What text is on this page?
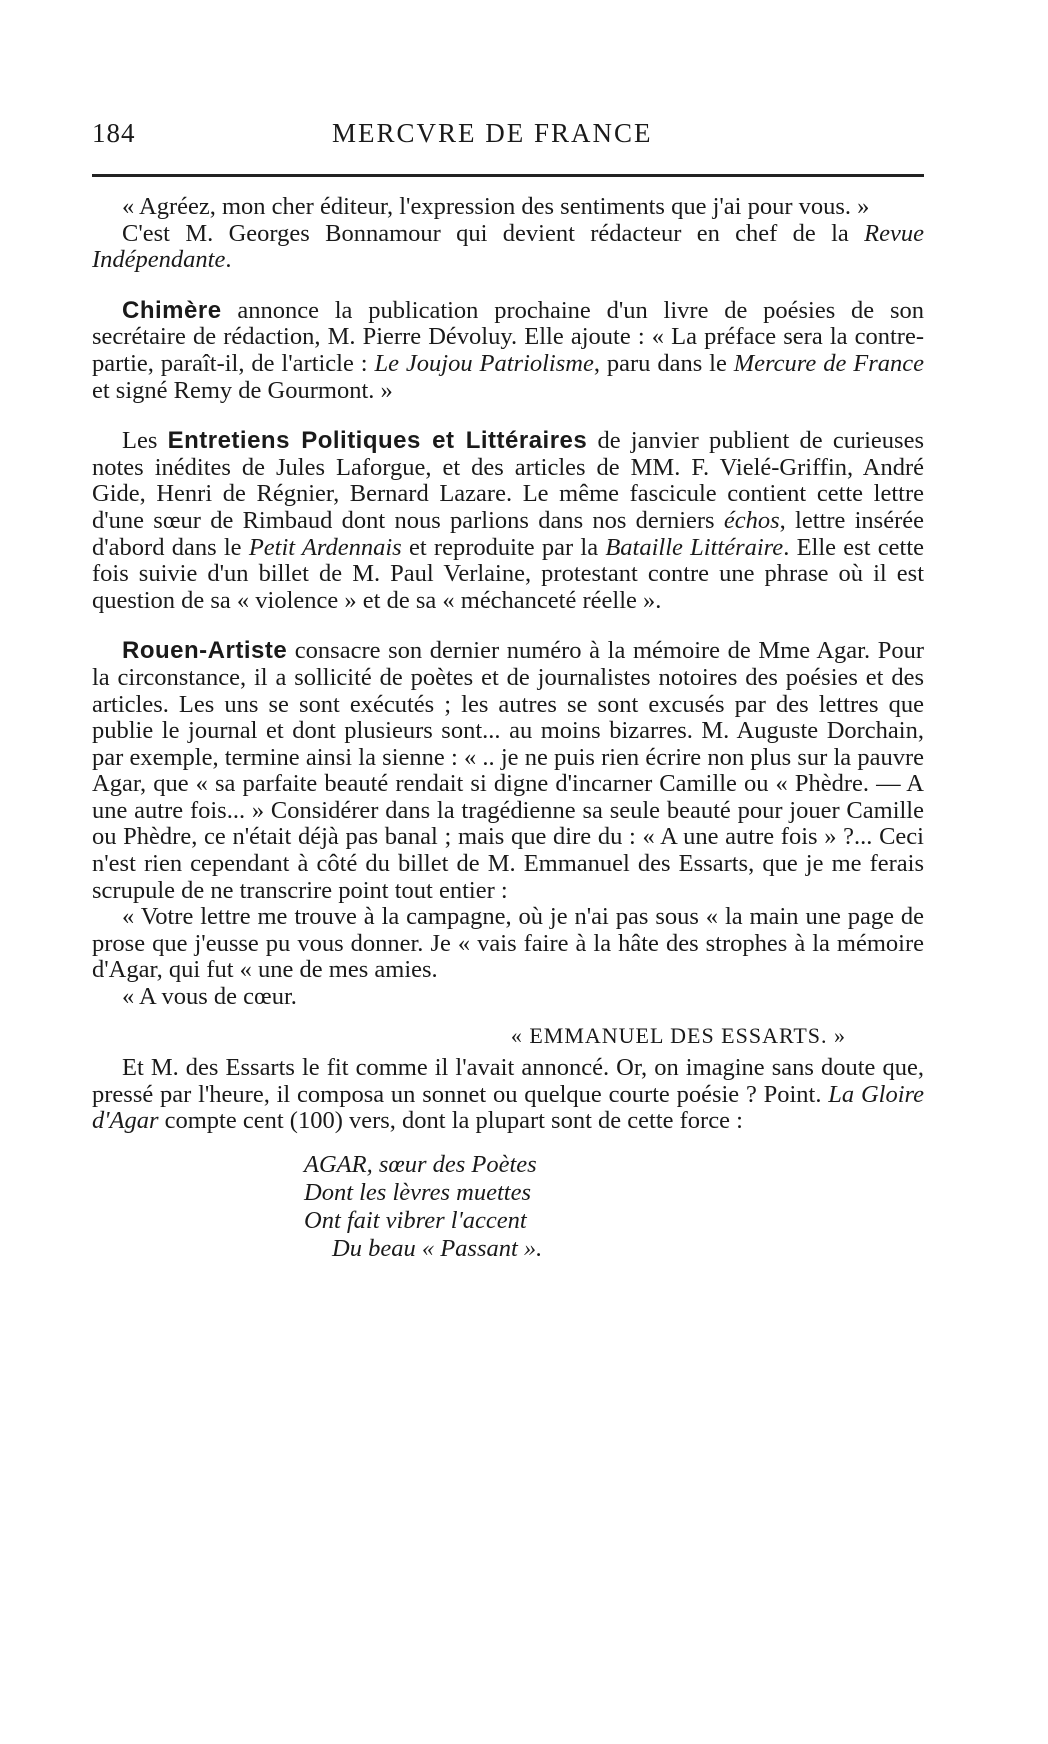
184	MERCVRE DE FRANCE

« Agréez, mon cher éditeur, l'expression des sentiments que j'ai pour vous. »

C'est M. Georges Bonnamour qui devient rédacteur en chef de la Revue Indépendante.

Chimère annonce la publication prochaine d'un livre de poésies de son secrétaire de rédaction, M. Pierre Dévoluy. Elle ajoute : « La préface sera la contre-partie, paraît-il, de l'article : Le Joujou Patriolisme, paru dans le Mercure de France et signé Remy de Gourmont. »

Les Entretiens Politiques et Littéraires de janvier publient de curieuses notes inédites de Jules Laforgue, et des articles de MM. F. Vielé-Griffin, André Gide, Henri de Régnier, Bernard Lazare. Le même fascicule contient cette lettre d'une sœur de Rimbaud dont nous parlions dans nos derniers échos, lettre insérée d'abord dans le Petit Ardennais et reproduite par la Bataille Littéraire. Elle est cette fois suivie d'un billet de M. Paul Verlaine, protestant contre une phrase où il est question de sa « violence » et de sa « méchanceté réelle ».

Rouen-Artiste consacre son dernier numéro à la mémoire de Mme Agar. Pour la circonstance, il a sollicité de poètes et de journalistes notoires des poésies et des articles. Les uns se sont exécutés ; les autres se sont excusés par des lettres que publie le journal et dont plusieurs sont... au moins bizarres. M. Auguste Dorchain, par exemple, termine ainsi la sienne : « .. je ne puis rien écrire non plus sur la pauvre Agar, que « sa parfaite beauté rendait si digne d'incarner Camille ou « Phèdre. — A une autre fois... » Considérer dans la tragédienne sa seule beauté pour jouer Camille ou Phèdre, ce n'était déjà pas banal ; mais que dire du : « A une autre fois » ?... Ceci n'est rien cependant à côté du billet de M. Emmanuel des Essarts, que je me ferais scrupule de ne transcrire point tout entier :

« Votre lettre me trouve à la campagne, où je n'ai pas sous « la main une page de prose que j'eusse pu vous donner. Je « vais faire à la hâte des strophes à la mémoire d'Agar, qui fut « une de mes amies.

« A vous de cœur.

« EMMANUEL DES ESSARTS. »

Et M. des Essarts le fit comme il l'avait annoncé. Or, on imagine sans doute que, pressé par l'heure, il composa un sonnet ou quelque courte poésie ? Point. La Gloire d'Agar compte cent (100) vers, dont la plupart sont de cette force :

AGAR, sœur des Poètes
Dont les lèvres muettes
Ont fait vibrer l'accent
Du beau « Passant ».
